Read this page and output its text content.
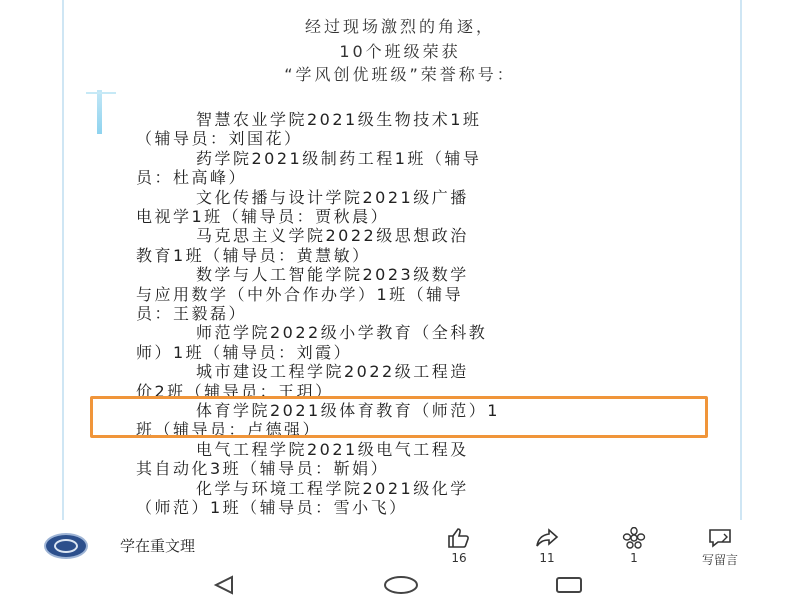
经过现场激烈的角逐，
10个班级荣获
“学风创优班级”荣誉称号：
智慧农业学院2021级生物技术1班
（辅导员：刘国花）
药学院2021级制药工程1班（辅导
员：杜高峰）
文化传播与设计学院2021级广播
电视学1班（辅导员：贾秋晨）
马克思主义学院2022级思想政治
教育1班（辅导员：黄慧敏）
数学与人工智能学院2023级数学
与应用数学（中外合作办学）1班（辅导
员：王毅磊）
师范学院2022级小学教育（全科教
师）1班（辅导员：刘霞）
城市建设工程学院2022级工程造
价2班（辅导员：王玥）
体育学院2021级体育教育（师范）1
班（辅导员：卢德强）
电气工程学院2021级电气工程及
其自动化3班（辅导员：靳娟）
化学与环境工程学院2021级化学
（师范）1班（辅导员：雪小飞）
学在重文理
16	11	1	写留言
